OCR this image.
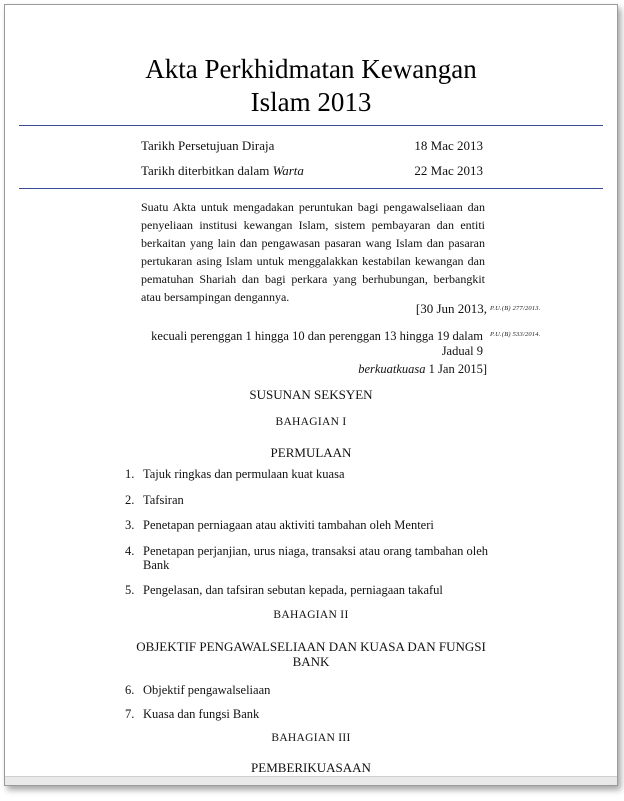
Akta Perkhidmatan Kewangan
Islam 2013
Tarikh Persetujuan Diraja	18 Mac 2013
Tarikh diterbitkan dalam Warta	22 Mac 2013

Suatu Akta untuk mengadakan peruntukan bagi pengawalseliaan dan penyeliaan institusi kewangan Islam, sistem pembayaran dan entiti berkaitan yang lain dan pengawasan pasaran wang Islam dan pasaran pertukaran asing Islam untuk menggalakkan kestabilan kewangan dan pematuhan Shariah dan bagi perkara yang berhubungan, berbangkit atau bersampingan dengannya.

[30 Jun 2013, P.U.(B) 277/2013.
kecuali perenggan 1 hingga 10 dan perenggan 13 hingga 19 dalam Jadual 9
P.U.(B) 533/2014.
berkuatkuasa 1 Jan 2015]
SUSUNAN SEKSYEN
BAHAGIAN I
PERMULAAN
1. Tajuk ringkas dan permulaan kuat kuasa
2. Tafsiran
3. Penetapan perniagaan atau aktiviti tambahan oleh Menteri
4. Penetapan perjanjian, urus niaga, transaksi atau orang tambahan oleh Bank
5. Pengelasan, dan tafsiran sebutan kepada, perniagaan takaful
BAHAGIAN II
OBJEKTIF PENGAWALSELIAAN DAN KUASA DAN FUNGSI BANK
6. Objektif pengawalseliaan
7. Kuasa dan fungsi Bank
BAHAGIAN III
PEMBERIKUASAAN
